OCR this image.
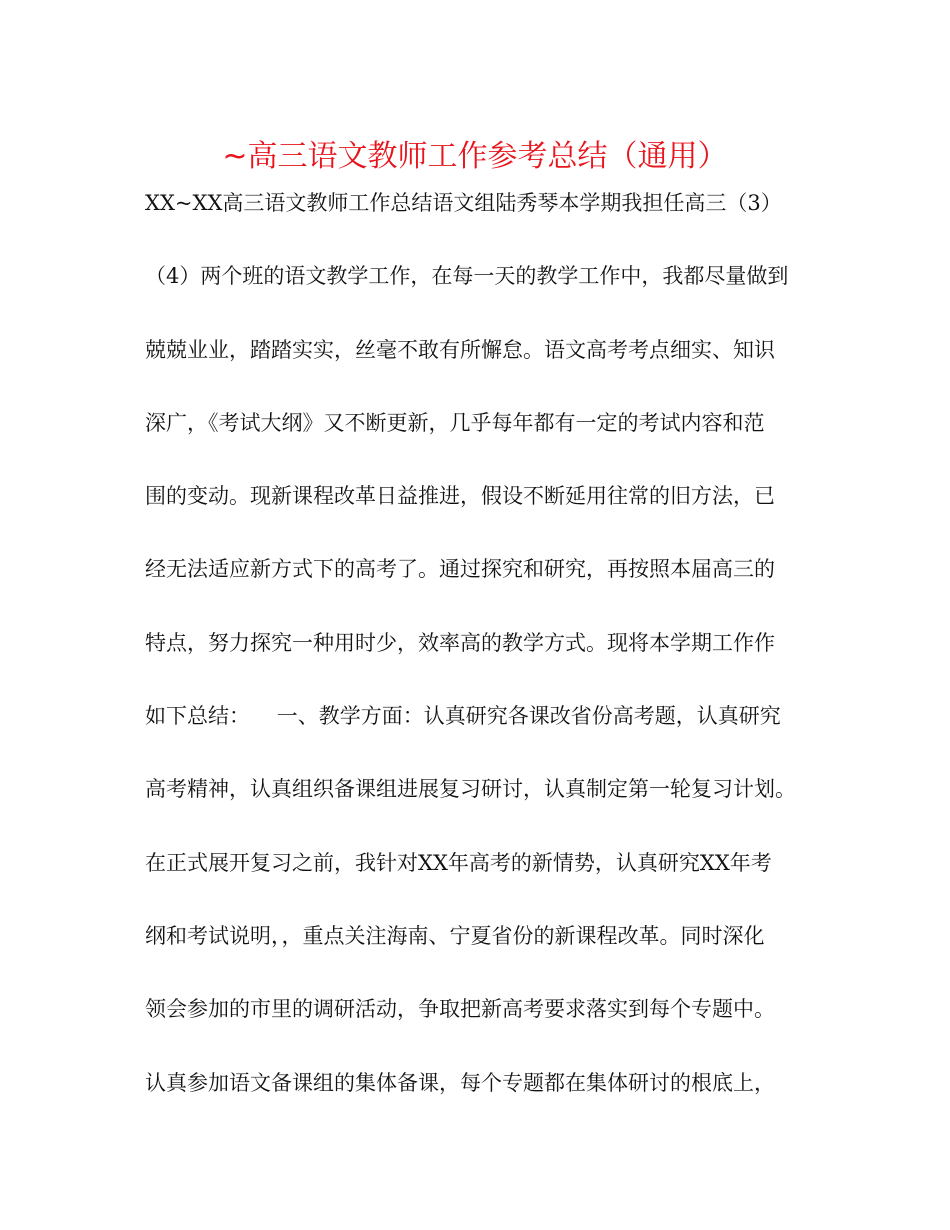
~高三语文教师工作参考总结（通用）
XX~XX高三语文教师工作总结语文组陆秀琴本学期我担任高三（3）
（4）两个班的语文教学工作，在每一天的教学工作中，我都尽量做到
兢兢业业，踏踏实实，丝毫不敢有所懈怠。语文高考考点细实、知识
深广，《考试大纲》又不断更新，几乎每年都有一定的考试内容和范
围的变动。现新课程改革日益推进，假设不断延用往常的旧方法，已
经无法适应新方式下的高考了。通过探究和研究，再按照本届高三的
特点，努力探究一种用时少，效率高的教学方式。现将本学期工作作
如下总结：    一、教学方面：认真研究各课改省份高考题，认真研究
高考精神，认真组织备课组进展复习研讨，认真制定第一轮复习计划。
在正式展开复习之前，我针对XX年高考的新情势，认真研究XX年考
纲和考试说明，，重点关注海南、宁夏省份的新课程改革。同时深化
领会参加的市里的调研活动，争取把新高考要求落实到每个专题中。
认真参加语文备课组的集体备课，每个专题都在集体研讨的根底上，
